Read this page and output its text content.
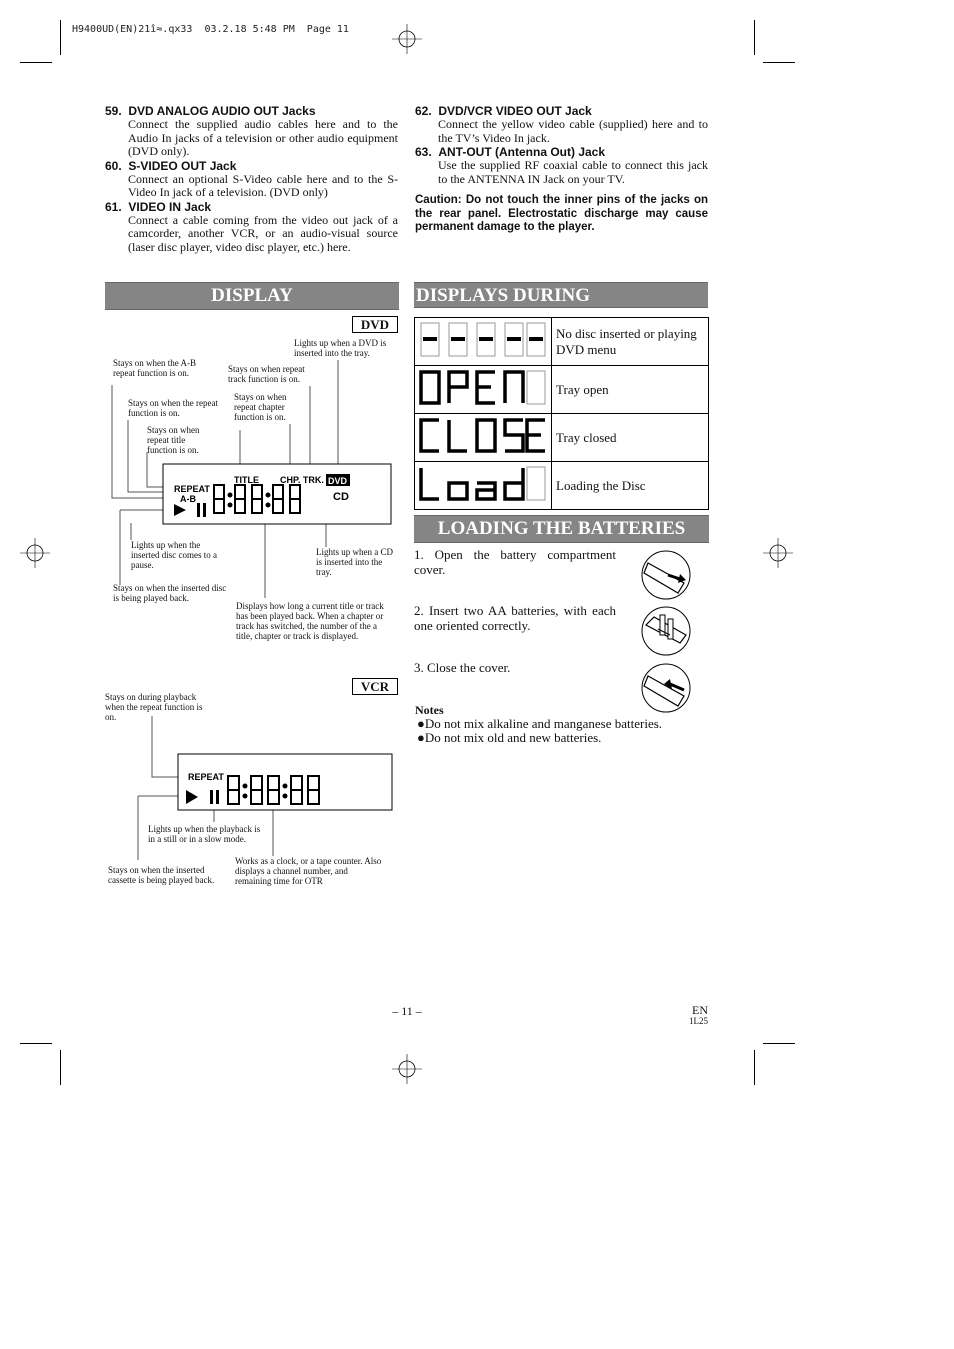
H9400UD(EN)21î≈.qx33  03.2.18 5:48 PM  Page 11
59.  DVD ANALOG AUDIO OUT Jacks
Connect the supplied audio cables here and to the Audio In jacks of a television or other audio equipment (DVD only).
60.  S-VIDEO OUT Jack
Connect an optional S-Video cable here and to the S-Video In jack of a television. (DVD only)
61.  VIDEO IN Jack
Connect a cable coming from the video out jack of a camcorder, another VCR, or an audio-visual source (laser disc player, video disc player, etc.) here.
62.  DVD/VCR VIDEO OUT Jack
Connect the yellow video cable (supplied) here and to the TV’s Video In jack.
63.  ANT-OUT (Antenna Out) Jack
Use the supplied RF coaxial cable to connect this jack to the ANTENNA IN Jack on your TV.
Caution: Do not touch the inner pins of the jacks on the rear panel. Electrostatic discharge may cause permanent damage to the player.
DISPLAY
DVD
Lights up when a DVD is inserted into the tray.
Stays on when the A-B repeat function is on.	Stays on when repeat track function is on.
Stays on when the repeat function is on.
Stays on when repeat chapter function is on.
Stays on when repeat title function is on.
Lights up when the inserted disc comes to a pause.
Lights up when a CD is inserted into the tray.
Stays on when the inserted disc is being played back.
Displays how long a current title or track has been played back. When a chapter or track has switched, the number of the a title, chapter or track is displayed.
TITLE CHP. TRK. DVD
CD
REPEAT
A-B
VCR
Stays on during playback when the repeat function is on.
Lights up when the playback is in a still or in a slow mode.
Stays on when the inserted cassette is being played back.
Works as a clock, or a tape counter. Also displays a channel number, and remaining time for OTR
REPEAT
DISPLAYS DURING OPERATION
	No disc inserted or playing DVD menu
	Tray open
	Tray closed
	Loading the Disc
LOADING THE BATTERIES
1. Open the battery compartment cover.
2. Insert two AA batteries, with each one oriented correctly.
3. Close the cover.
Notes
●Do not mix alkaline and manganese batteries.
●Do not mix old and new batteries.
– 11 –	EN
1L25
